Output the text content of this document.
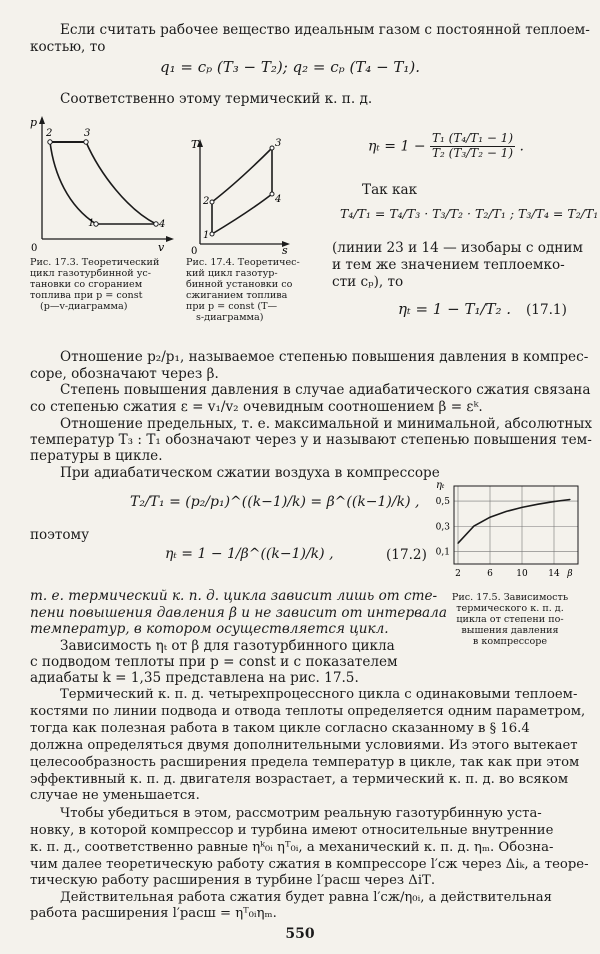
Если считать рабочее вещество идеальным газом с постоянной теплоем-
костью, то
q₁ = cₚ (T₃ − T₂); q₂ = cₚ (T₄ − T₁).
Соответственно этому термический к. п. д.
p
v
0
1
2	3
4
Рис. 17.3. Теоретический
цикл газотурбинной ус-
тановки со сгоранием
топлива при p = const
(p—v-диаграмма)
T
s
0
1
2
3
4
Рис. 17.4. Теоретичес-
кий цикл газотур-
бинной установки со
сжиганием топлива
при p = const (T—
s-диаграмма)
$\eta_t = 1 - \frac{\text{T₁ (T₄/T₁ − 1)}}{\text{T₂ (T₃/T₂ − 1)}}$ .
Так как
T₄/T₁ = T₄/T₃ · T₃/T₂ · T₂/T₁ ; T₃/T₄ = T₂/T₁
(линии 23 и 14 — изобары с одним
и тем же значением теплоемко-
сти cₚ), то
ηₜ = 1 − T₁/T₂ . (17.1)
Отношение p₂/p₁, называемое степенью повышения давления в компрес-
соре, обозначают через β.
Степень повышения давления в случае адиабатического сжатия связана
со степенью сжатия ε = v₁/v₂ очевидным соотношением β = εᵏ.
Отношение предельных, т. е. максимальной и минимальной, абсолютных
температур T₃ : T₁ обозначают через y и называют степенью повышения тем-
пературы в цикле.
При адиабатическом сжатии воздуха в компрессоре
T₂/T₁ = (p₂/p₁)^((k−1)/k) = β^((k−1)/k) ,
поэтому
ηₜ = 1 − 1/β^((k−1)/k) ,	(17.2)
ηₜ
0,5
0,3
0,1
2	6	10 14 β
Рис. 17.5. Зависимость
термического к. п. д.
цикла от степени по-
вышения давления
в компрессоре
т. е. термический к. п. д. цикла зависит лишь от сте-
пени повышения давления β и не зависит от интервала
температур, в котором осуществляется цикл.
Зависимость ηₜ от β для газотурбинного цикла
с подводом теплоты при p = const и с показателем
адиабаты k = 1,35 представлена на рис. 17.5.
Термический к. п. д. четырехпроцессного цикла с одинаковыми теплоем-
костями по линии подвода и отвода теплоты определяется одним параметром,
тогда как полезная работа в таком цикле согласно сказанному в § 16.4
должна определяться двумя дополнительными условиями. Из этого вытекает
целесообразность расширения предела температур в цикле, так как при этом
эффективный к. п. д. двигателя возрастает, а термический к. п. д. во всяком
случае не уменьшается.
Чтобы убедиться в этом, рассмотрим реальную газотурбинную уста-
новку, в которой компрессор и турбина имеют относительные внутренние
к. п. д., соответственно равные ηᵏ₀ᵢ ηᵀ₀ᵢ, а механический к. п. д. ηₘ. Обозна-
чим далее теоретическую работу сжатия в компрессоре l′сж через Δiₖ, а теоре-
тическую работу расширения в турбине l′расш через ΔiТ.
Действительная работа сжатия будет равна l′сж/η₀ᵢ, а действительная
работа расширения l′расш = ηᵀ₀ᵢηₘ.
550
